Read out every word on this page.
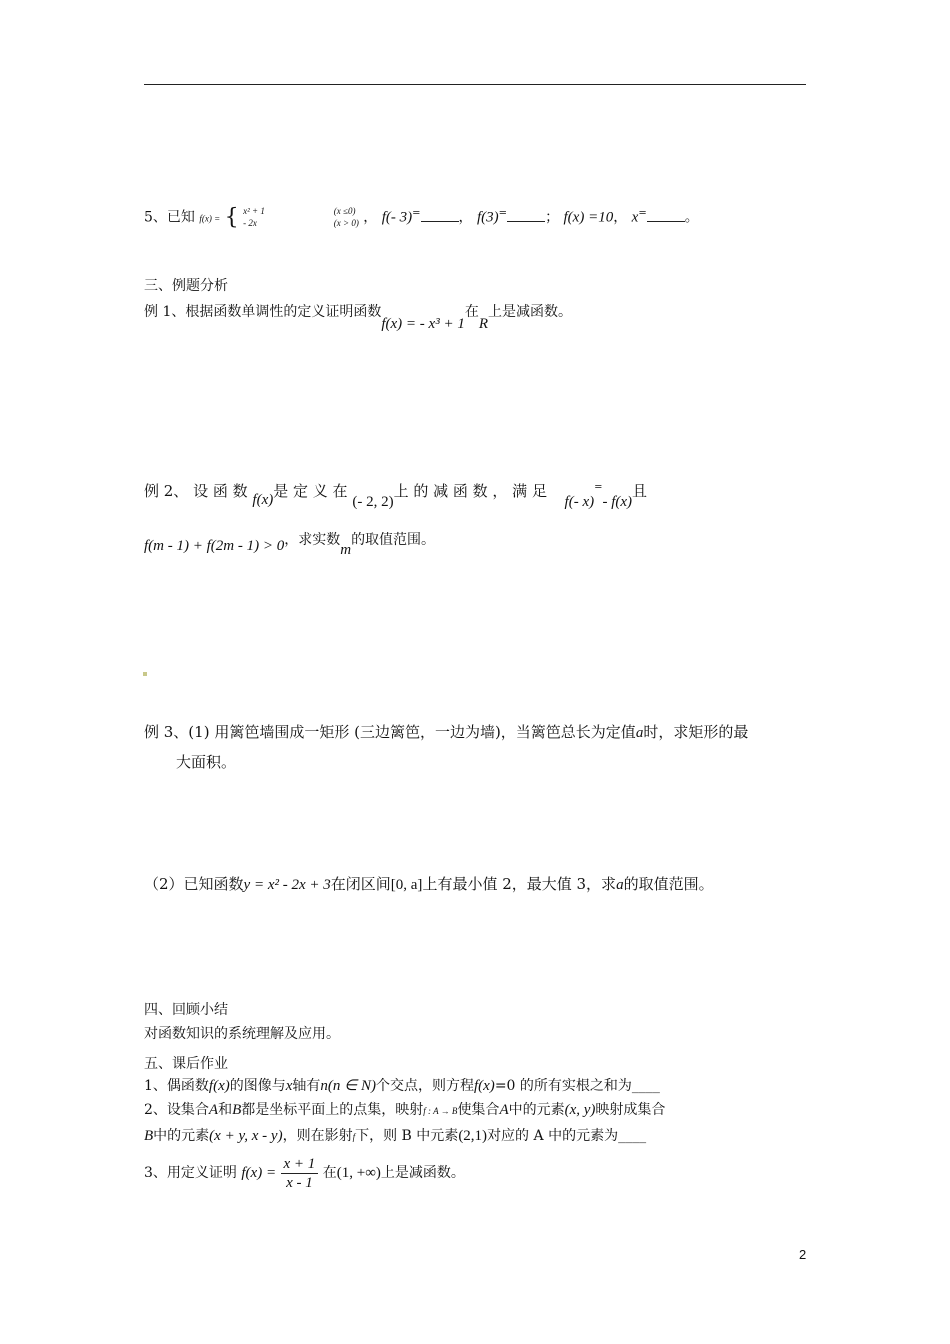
5、已知 f(x) = { x² + 1
- 2x  (x ≤0)
(x > 0) ， f(- 3)=	， f(3)=	； f(x) =10， x=	。
三、例题分析
例 1、根据函数单调性的定义证明函数f(x) = - x³ + 1在R上是减函数。
例 2、 设 函 数 f(x)是 定 义 在 (- 2, 2)上 的 减 函 数 ， 满 足  f(- x)=- f(x)且
f(m - 1) + f(2m - 1) > 0，求实数m的取值范围。
例 3、(1) 用篱笆墙围成一矩形 (三边篱笆，一边为墙)，当篱笆总长为定值a时，求矩形的最
大面积。
（2）已知函数y = x² - 2x + 3在闭区间[0, a]上有最小值 2，最大值 3，求a的取值范围。
四、回顾小结
对函数知识的系统理解及应用。
五、课后作业
1、偶函数f(x)的图像与x轴有n(n ∈ N)个交点，则方程f(x)=0 的所有实根之和为____
2、设集合A和B都是坐标平面上的点集，映射f : A → B使集合A中的元素(x, y)映射成集合
B中的元素(x + y, x - y)，则在影射f下，则 B 中元素(2,1)对应的 A 中的元素为____
3、用定义证明 $f(x) = \frac{x + 1}{x - 1}$ 在(1, +∞)上是减函数。
2
